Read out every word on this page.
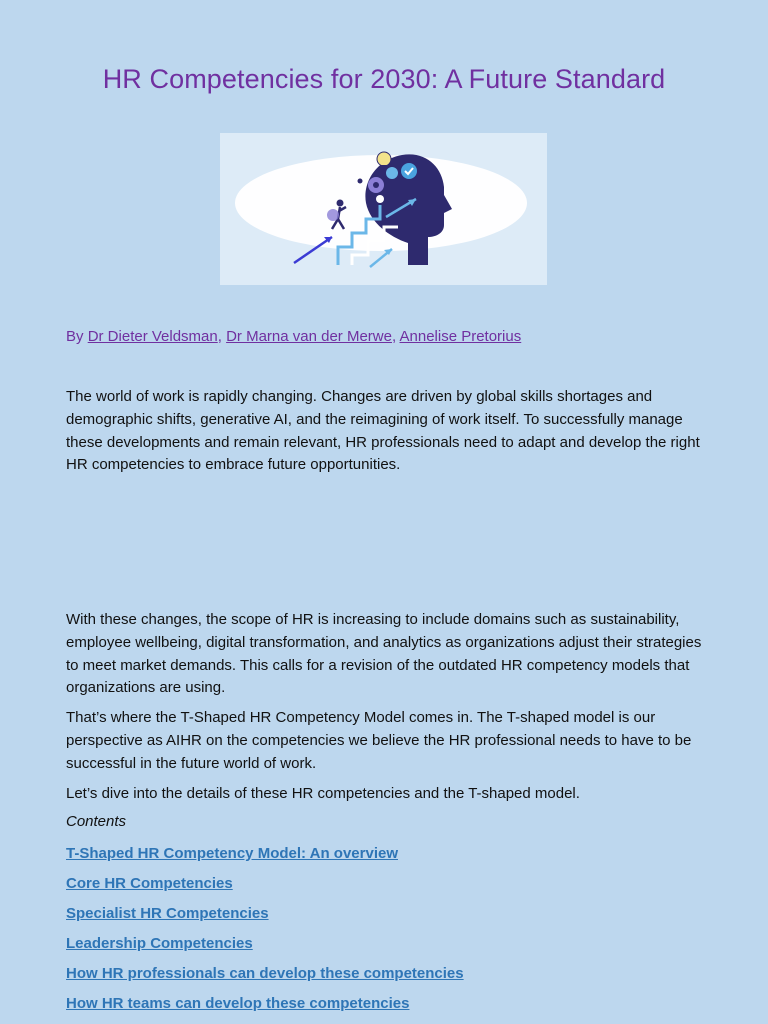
HR Competencies for 2030: A Future Standard
By Dr Dieter Veldsman, Dr Marna van der Merwe, Annelise Pretorius

The world of work is rapidly changing. Changes are driven by global skills shortages and demographic shifts, generative AI, and the reimagining of work itself. To successfully manage these developments and remain relevant, HR professionals need to adapt and develop the right HR competencies to embrace future opportunities.

With these changes, the scope of HR is increasing to include domains such as sustainability, employee wellbeing, digital transformation, and analytics as organizations adjust their strategies to meet market demands. This calls for a revision of the outdated HR competency models that organizations are using.

That’s where the T-Shaped HR Competency Model comes in. The T-shaped model is our perspective as AIHR on the competencies we believe the HR professional needs to have to be successful in the future world of work.

Let’s dive into the details of these HR competencies and the T-shaped model.

Contents
T-Shaped HR Competency Model: An overview
Core HR Competencies
Specialist HR Competencies
Leadership Competencies
How HR professionals can develop these competencies
How HR teams can develop these competencies
